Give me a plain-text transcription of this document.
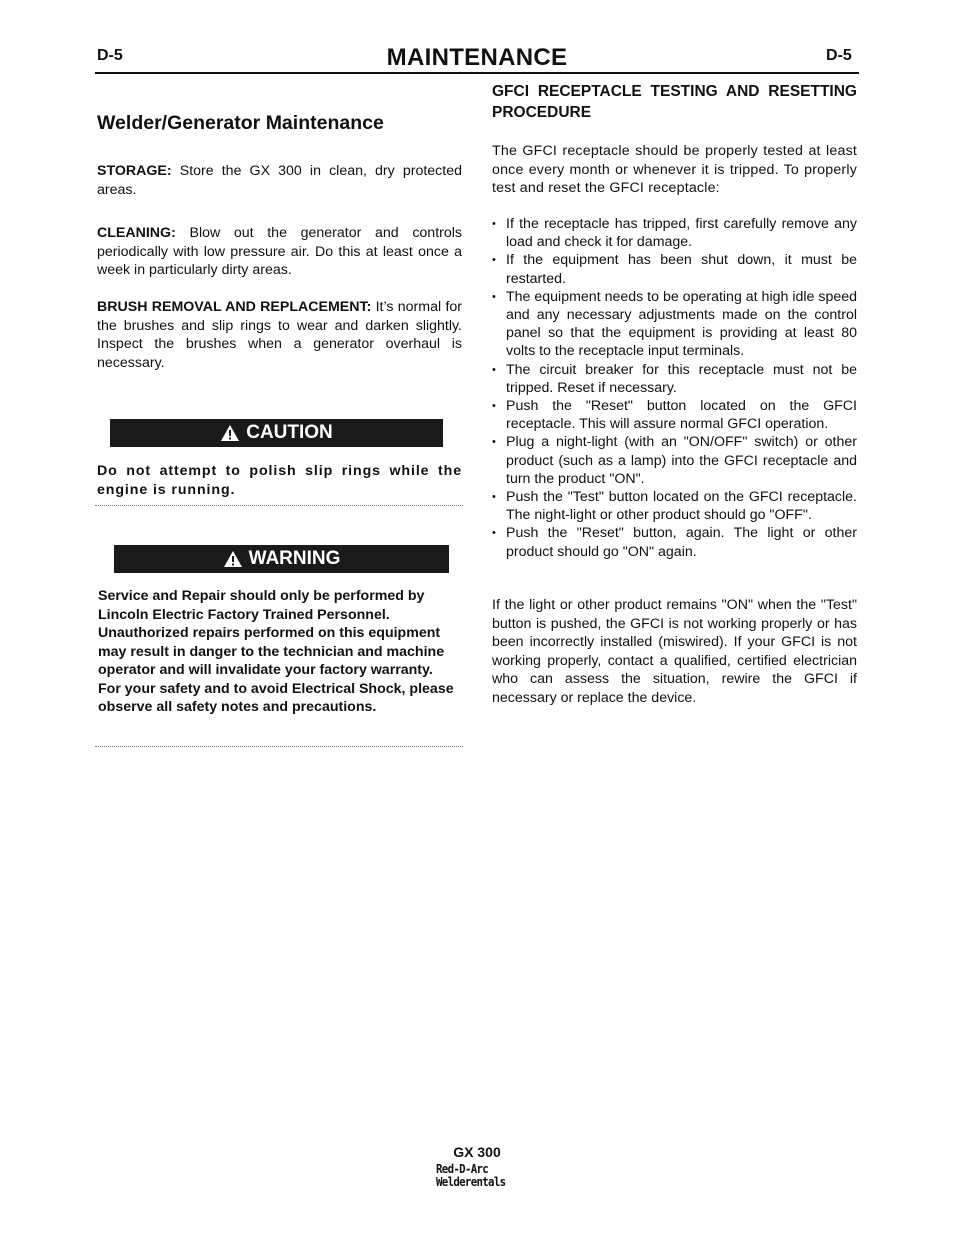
D-5	MAINTENANCE	D-5
Welder/Generator Maintenance

STORAGE: Store the GX 300 in clean, dry protected areas.

CLEANING: Blow out the generator and controls periodically with low pressure air. Do this at least once a week in particularly dirty areas.

BRUSH REMOVAL AND REPLACEMENT: It’s normal for the brushes and slip rings to wear and darken slightly. Inspect the brushes when a generator overhaul is necessary.

CAUTION

Do not attempt to polish slip rings while the engine is running.

WARNING

Service and Repair should only be performed by Lincoln Electric Factory Trained Personnel. Unauthorized repairs performed on this equipment may result in danger to the technician and machine operator and will invalidate your factory warranty. For your safety and to avoid Electrical Shock, please observe all safety notes and precautions.

GFCI RECEPTACLE TESTING AND RESETTING PROCEDURE

The GFCI receptacle should be properly tested at least once every month or whenever it is tripped. To properly test and reset the GFCI receptacle:

• If the receptacle has tripped, first carefully remove any load and check it for damage.
• If the equipment has been shut down, it must be restarted.
• The equipment needs to be operating at high idle speed and any necessary adjustments made on the control panel so that the equipment is providing at least 80 volts to the receptacle input terminals.
• The circuit breaker for this receptacle must not be tripped. Reset if necessary.
• Push the "Reset" button located on the GFCI receptacle. This will assure normal GFCI operation.
• Plug a night-light (with an "ON/OFF" switch) or other product (such as a lamp) into the GFCI receptacle and turn the product "ON".
• Push the "Test" button located on the GFCI receptacle. The night-light or other product should go "OFF".
• Push the "Reset" button, again. The light or other product should go "ON" again.

If the light or other product remains "ON" when the "Test" button is pushed, the GFCI is not working properly or has been incorrectly installed (miswired). If your GFCI is not working properly, contact a qualified, certified electrician who can assess the situation, rewire the GFCI if necessary or replace the device.

GX 300
Red-D-Arc
Welderentals
